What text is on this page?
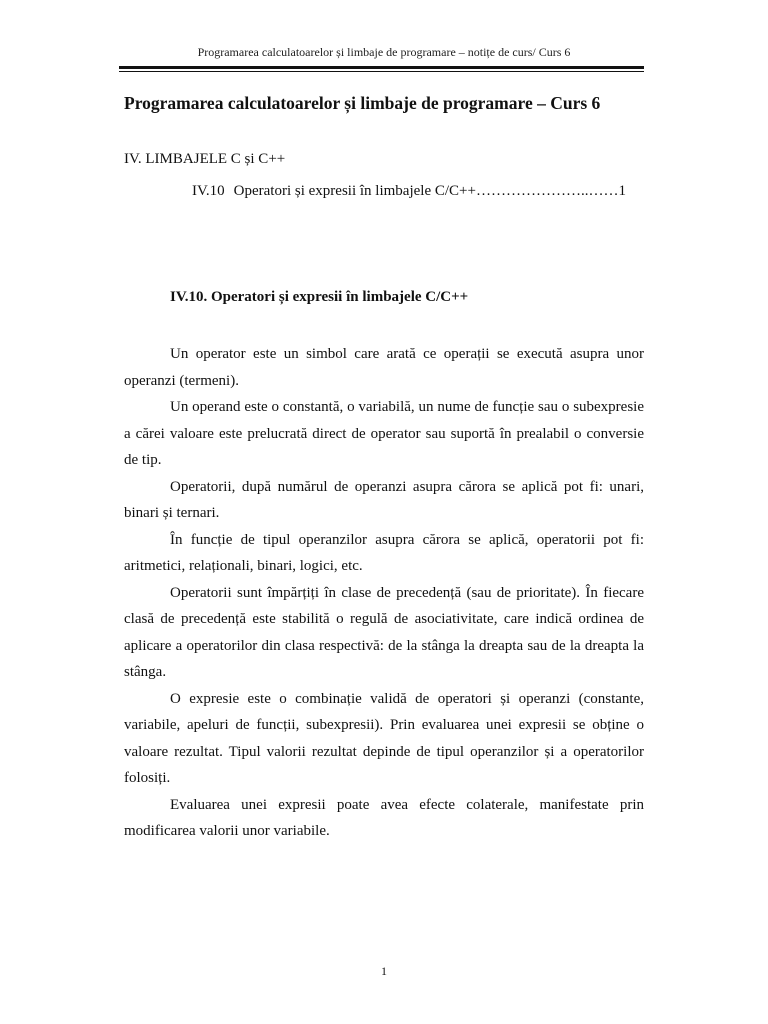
Programarea calculatoarelor și limbaje de programare – notițe de curs/ Curs 6
Programarea calculatoarelor și limbaje de programare – Curs 6
IV. LIMBAJELE C și C++
IV.10 Operatori și expresii în limbajele C/C++…………………..……1
IV.10. Operatori și expresii în limbajele C/C++

Un operator este un simbol care arată ce operații se execută asupra unor operanzi (termeni).

Un operand este o constantă, o variabilă, un nume de funcție sau o subexpresie a cărei valoare este prelucrată direct de operator sau suportă în prealabil o conversie de tip.

Operatorii, după numărul de operanzi asupra cărora se aplică pot fi: unari, binari și ternari.

În funcție de tipul operanzilor asupra cărora se aplică, operatorii pot fi: aritmetici, relaționali, binari, logici, etc.

Operatorii sunt împărțiți în clase de precedență (sau de prioritate). În fiecare clasă de precedență este stabilită o regulă de asociativitate, care indică ordinea de aplicare a operatorilor din clasa respectivă: de la stânga la dreapta sau de la dreapta la stânga.

O expresie este o combinație validă de operatori și operanzi (constante, variabile, apeluri de funcții, subexpresii). Prin evaluarea unei expresii se obține o valoare rezultat. Tipul valorii rezultat depinde de tipul operanzilor și a operatorilor folosiți.

Evaluarea unei expresii poate avea efecte colaterale, manifestate prin modificarea valorii unor variabile.

1
